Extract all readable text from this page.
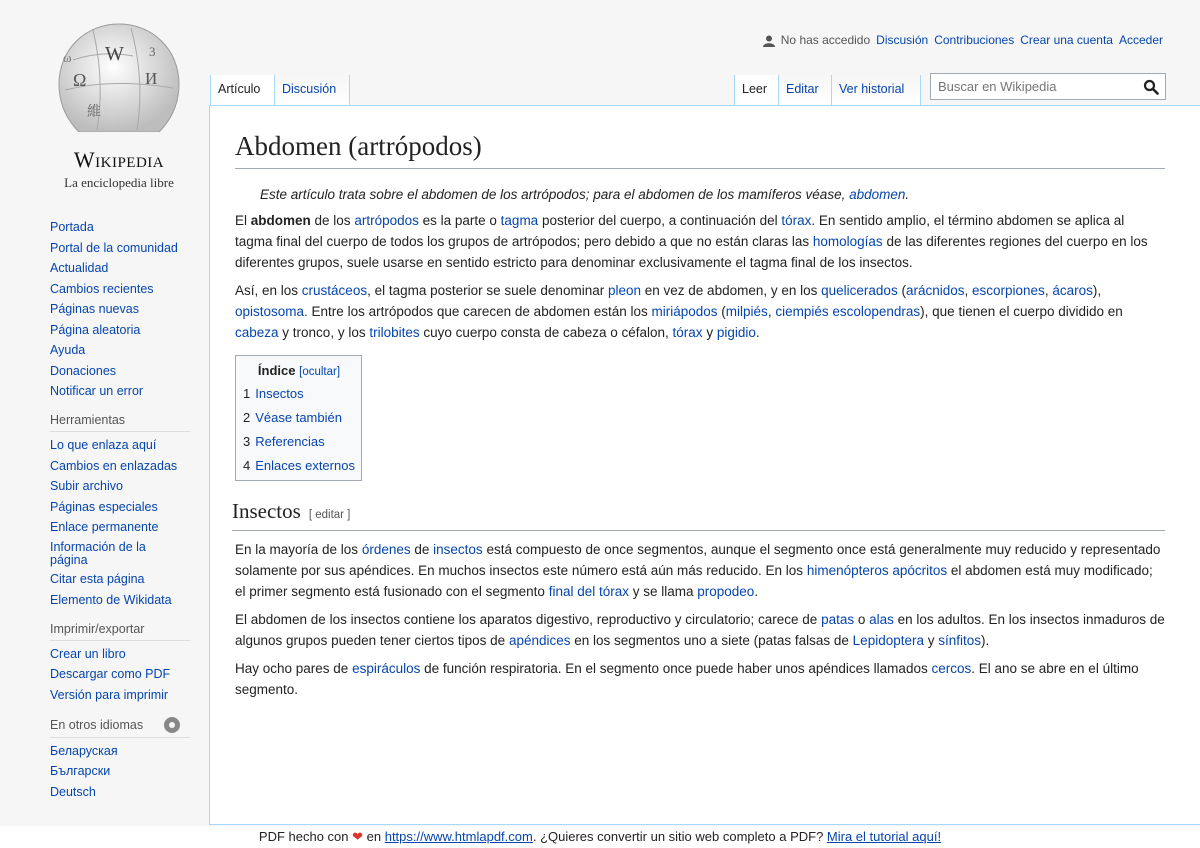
Ω
W
И
維
3
ω
Wikipedia
La enciclopedia libre
No has accedido Discusión Contribuciones Crear una cuenta Acceder
Artículo	Discusión	Leer	Editar	Ver historial
Buscar en Wikipedia
Portada
Portal de la comunidad
Actualidad
Cambios recientes
Páginas nuevas
Página aleatoria
Ayuda
Donaciones
Notificar un error
Herramientas
Lo que enlaza aquí
Cambios en enlazadas
Subir archivo
Páginas especiales
Enlace permanente
Información de la página
Citar esta página
Elemento de Wikidata
Imprimir/exportar
Crear un libro
Descargar como PDF
Versión para imprimir
En otros idiomas
Беларуская
Български
Deutsch
Abdomen (artrópodos)
Este artículo trata sobre el abdomen de los artrópodos; para el abdomen de los mamíferos véase, abdomen.

El abdomen de los artrópodos es la parte o tagma posterior del cuerpo, a continuación del tórax. En sentido amplio, el término abdomen se aplica al tagma final del cuerpo de todos los grupos de artrópodos; pero debido a que no están claras las homologías de las diferentes regiones del cuerpo en los diferentes grupos, suele usarse en sentido estricto para denominar exclusivamente el tagma final de los insectos.

Así, en los crustáceos, el tagma posterior se suele denominar pleon en vez de abdomen, y en los quelicerados (arácnidos, escorpiones, ácaros), opistosoma. Entre los artrópodos que carecen de abdomen están los miriápodos (milpiés, ciempiés escolopendras), que tienen el cuerpo dividido en cabeza y tronco, y los trilobites cuyo cuerpo consta de cabeza o céfalon, tórax y pigidio.

Índice [ocultar]
1 Insectos
2 Véase también
3 Referencias
4 Enlaces externos
Insectos [ editar ]

En la mayoría de los órdenes de insectos está compuesto de once segmentos, aunque el segmento once está generalmente muy reducido y representado solamente por sus apéndices. En muchos insectos este número está aún más reducido. En los himenópteros apócritos el abdomen está muy modificado; el primer segmento está fusionado con el segmento final del tórax y se llama propodeo.

El abdomen de los insectos contiene los aparatos digestivo, reproductivo y circulatorio; carece de patas o alas en los adultos. En los insectos inmaduros de algunos grupos pueden tener ciertos tipos de apéndices en los segmentos uno a siete (patas falsas de Lepidoptera y sínfitos).

Hay ocho pares de espiráculos de función respiratoria. En el segmento once puede haber unos apéndices llamados cercos. El ano se abre en el último segmento.

PDF hecho con ❤ en https://www.htmlapdf.com. ¿Quieres convertir un sitio web completo a PDF? Mira el tutorial aquí!
